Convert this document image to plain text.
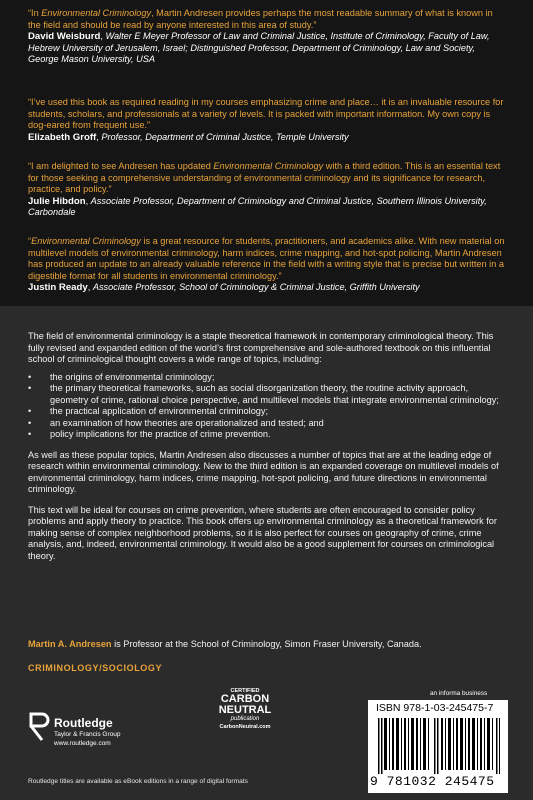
“In Environmental Criminology, Martin Andresen provides perhaps the most readable summary of what is known in the field and should be read by anyone interested in this area of study.”
David Weisburd, Walter E Meyer Professor of Law and Criminal Justice, Institute of Criminology, Faculty of Law, Hebrew University of Jerusalem, Israel; Distinguished Professor, Department of Criminology, Law and Society, George Mason University, USA
“I’ve used this book as required reading in my courses emphasizing crime and place… it is an invaluable resource for students, scholars, and professionals at a variety of levels. It is packed with important information. My own copy is dog-eared from frequent use.”
Elizabeth Groff, Professor, Department of Criminal Justice, Temple University
“I am delighted to see Andresen has updated Environmental Criminology with a third edition. This is an essential text for those seeking a comprehensive understanding of environmental criminology and its significance for research, practice, and policy.”
Julie Hibdon, Associate Professor, Department of Criminology and Criminal Justice, Southern Illinois University, Carbondale
“Environmental Criminology is a great resource for students, practitioners, and academics alike. With new material on multilevel models of environmental criminology, harm indices, crime mapping, and hot-spot policing, Martin Andresen has produced an update to an already valuable reference in the field with a writing style that is precise but written in a digestible format for all students in environmental criminology.”
Justin Ready, Associate Professor, School of Criminology & Criminal Justice, Griffith University
The field of environmental criminology is a staple theoretical framework in contemporary criminological theory. This fully revised and expanded edition of the world’s first comprehensive and sole-authored textbook on this influential school of criminological thought covers a wide range of topics, including:
• the origins of environmental criminology;
• the primary theoretical frameworks, such as social disorganization theory, the routine activity approach, geometry of crime, rational choice perspective, and multilevel models that integrate environmental criminology;
• the practical application of environmental criminology;
• an examination of how theories are operationalized and tested; and
• policy implications for the practice of crime prevention.
As well as these popular topics, Martin Andresen also discusses a number of topics that are at the leading edge of research within environmental criminology. New to the third edition is an expanded coverage on multilevel models of environmental criminology, harm indices, crime mapping, hot-spot policing, and future directions in environmental criminology.
This text will be ideal for courses on crime prevention, where students are often encouraged to consider policy problems and apply theory to practice. This book offers up environmental criminology as a theoretical framework for making sense of complex neighborhood problems, so it is also perfect for courses on geography of crime, crime analysis, and, indeed, environmental criminology. It would also be a good supplement for courses on criminological theory.
Martin A. Andresen is Professor at the School of Criminology, Simon Fraser University, Canada.
CRIMINOLOGY/SOCIOLOGY
Routledge
Taylor & Francis Group
www.routledge.com
Routledge titles are available as eBook editions in a range of digital formats
CERTIFIED
CARBON NEUTRAL
publication
CarbonNeutral.com
an informa business
ISBN 978-1-03-245475-7
9 781032 245475
